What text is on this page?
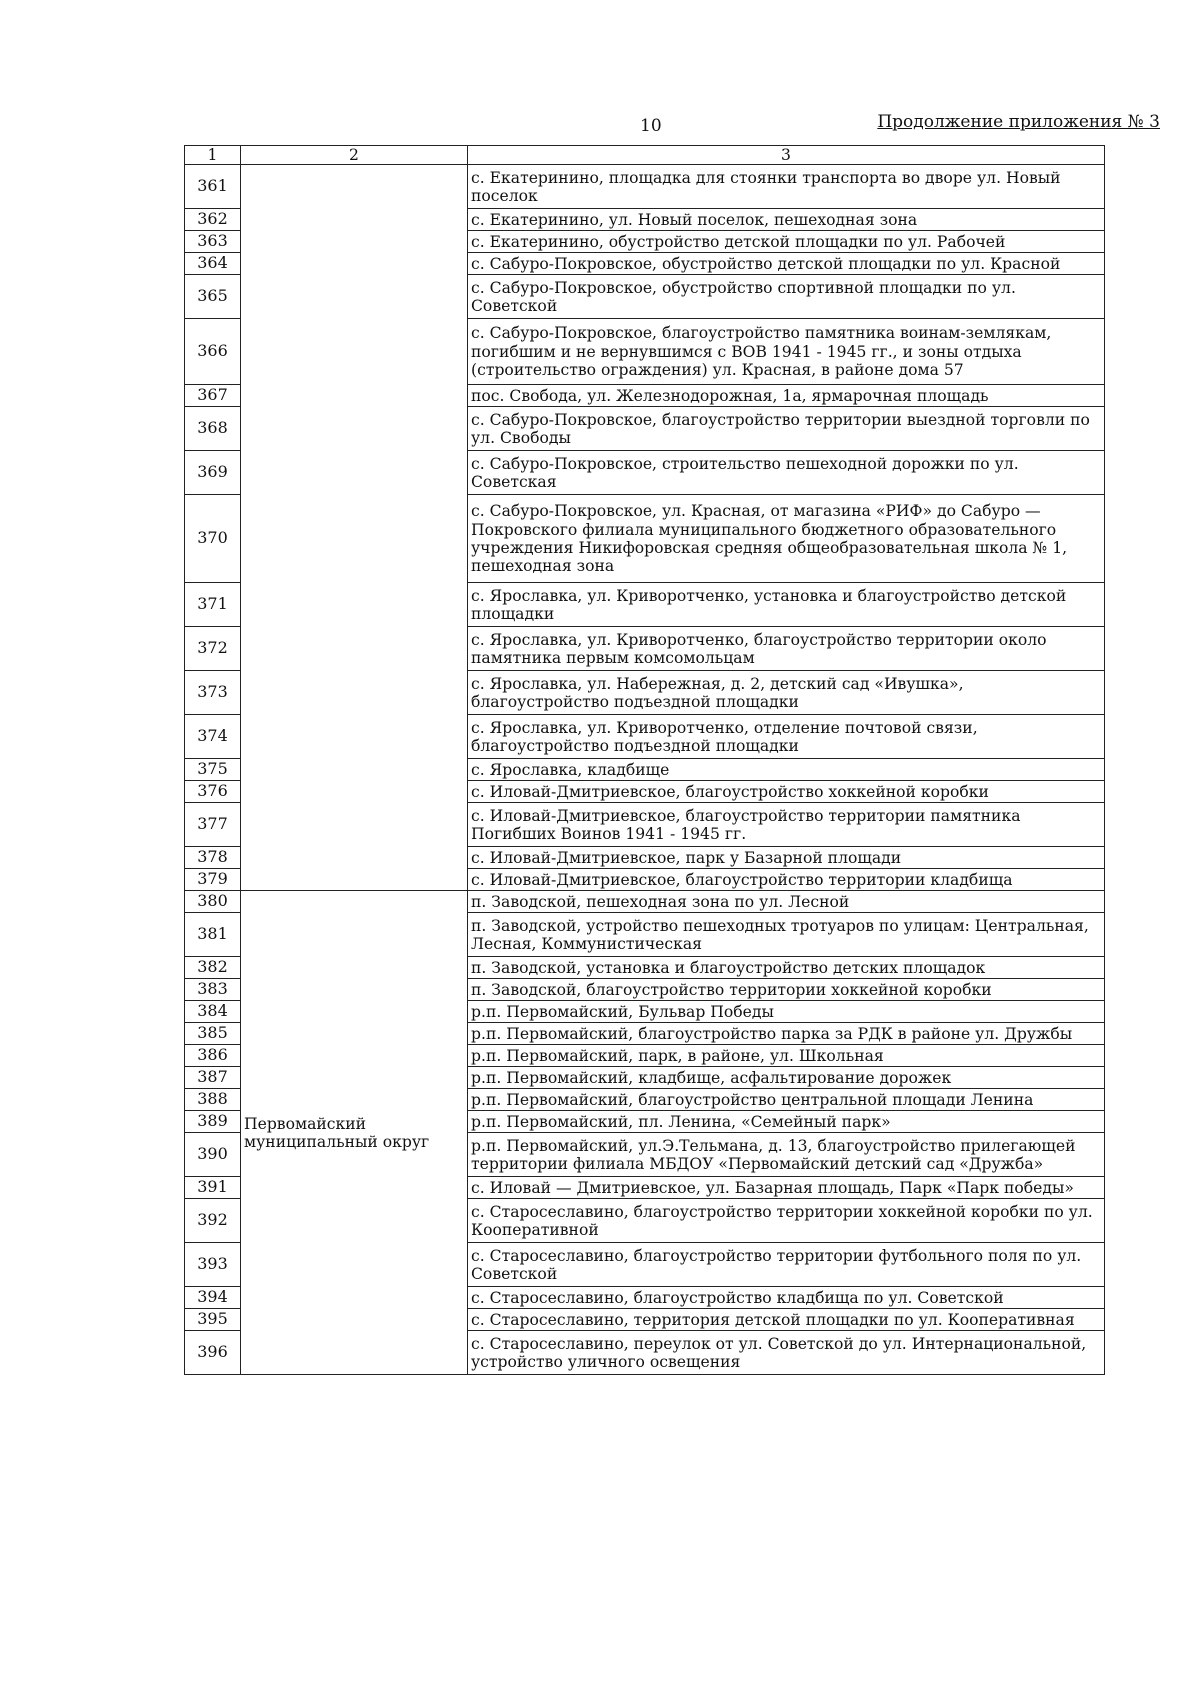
10	Продолжение приложения № 3
1	2	3
361		с. Екатеринино, площадка для стоянки транспорта во дворе ул. Новый поселок
362		с. Екатеринино, ул. Новый поселок, пешеходная зона
363		с. Екатеринино, обустройство детской площадки по ул. Рабочей
364		с. Сабуро-Покровское, обустройство детской площадки по ул. Красной
365		с. Сабуро-Покровское, обустройство спортивной площадки по ул. Советской
366		с. Сабуро-Покровское, благоустройство памятника воинам-землякам, погибшим и не вернувшимся с ВОВ 1941 - 1945 гг., и зоны отдыха (строительство ограждения) ул. Красная, в районе дома 57
367		пос. Свобода, ул. Железнодорожная, 1а, ярмарочная площадь
368		с. Сабуро-Покровское, благоустройство территории выездной торговли по ул. Свободы
369		с. Сабуро-Покровское, строительство пешеходной дорожки по ул. Советская
370		с. Сабуро-Покровское, ул. Красная, от магазина «РИФ» до Сабуро — Покровского филиала муниципального бюджетного образовательного учреждения Никифоровская средняя общеобразовательная школа № 1, пешеходная зона
371		с. Ярославка, ул. Криворотченко, установка и благоустройство детской площадки
372		с. Ярославка, ул. Криворотченко, благоустройство территории около памятника первым комсомольцам
373		с. Ярославка, ул. Набережная, д. 2, детский сад «Ивушка», благоустройство подъездной площадки
374		с. Ярославка, ул. Криворотченко, отделение почтовой связи, благоустройство подъездной площадки
375		с. Ярославка, кладбище
376		с. Иловай-Дмитриевское, благоустройство хоккейной коробки
377		с. Иловай-Дмитриевское, благоустройство территории памятника Погибших Воинов 1941 - 1945 гг.
378		с. Иловай-Дмитриевское, парк у Базарной площади
379		с. Иловай-Дмитриевское, благоустройство территории кладбища
380	Первомайский муниципальный округ	п. Заводской, пешеходная зона по ул. Лесной
381		п. Заводской, устройство пешеходных тротуаров по улицам: Центральная, Лесная, Коммунистическая
382		п. Заводской, установка и благоустройство детских площадок
383		п. Заводской, благоустройство территории хоккейной коробки
384		р.п. Первомайский, Бульвар Победы
385		р.п. Первомайский, благоустройство парка за РДК в районе ул. Дружбы
386		р.п. Первомайский, парк, в районе, ул. Школьная
387		р.п. Первомайский, кладбище, асфальтирование дорожек
388		р.п. Первомайский, благоустройство центральной площади Ленина
389		р.п. Первомайский, пл. Ленина, «Семейный парк»
390		р.п. Первомайский, ул.Э.Тельмана, д. 13, благоустройство прилегающей территории филиала МБДОУ «Первомайский детский сад «Дружба»
391		с. Иловай — Дмитриевское, ул. Базарная площадь, Парк «Парк победы»
392		с. Старосеславино, благоустройство территории хоккейной коробки по ул. Кооперативной
393		с. Старосеславино, благоустройство территории футбольного поля по ул. Советской
394		с. Старосеславино, благоустройство кладбища по ул. Советской
395		с. Старосеславино, территория детской площадки по ул. Кооперативная
396		с. Старосеславино, переулок от ул. Советской до ул. Интернациональной, устройство уличного освещения
